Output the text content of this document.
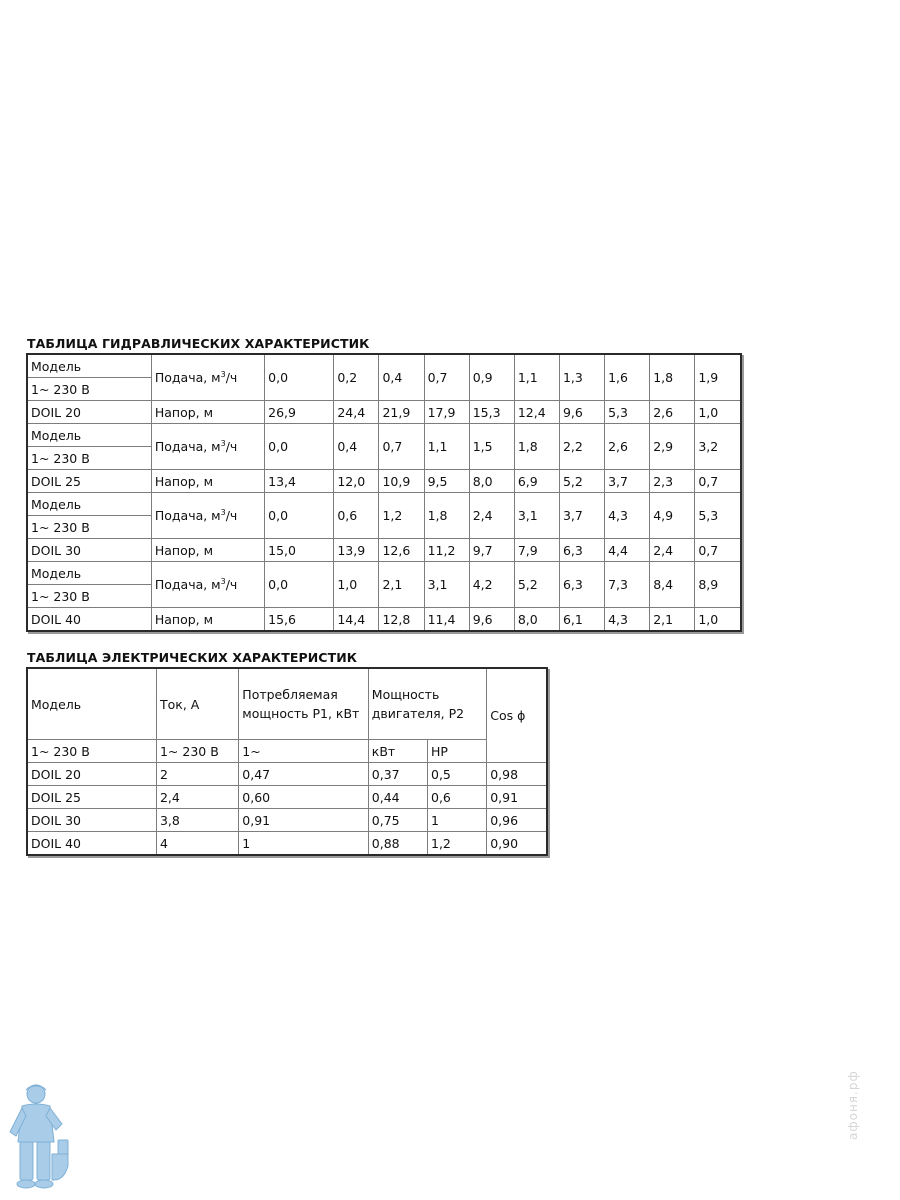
ТАБЛИЦА ГИДРАВЛИЧЕСКИХ ХАРАКТЕРИСТИК
Модель	Подача, $м^3/ч$	0,0	0,2	0,4	0,7	0,9	1,1	1,3	1,6	1,8	1,9
1~ 230 В											
DOIL 20	Напор, м	26,9	24,4	21,9	17,9	15,3	12,4	9,6	5,3	2,6	1,0
Модель	Подача, $м^3/ч$	0,0	0,4	0,7	1,1	1,5	1,8	2,2	2,6	2,9	3,2
1~ 230 В											
DOIL 25	Напор, м	13,4	12,0	10,9	9,5	8,0	6,9	5,2	3,7	2,3	0,7
Модель	Подача, $м^3/ч$	0,0	0,6	1,2	1,8	2,4	3,1	3,7	4,3	4,9	5,3
1~ 230 В											
DOIL 30	Напор, м	15,0	13,9	12,6	11,2	9,7	7,9	6,3	4,4	2,4	0,7
Модель	Подача, $м^3/ч$	0,0	1,0	2,1	3,1	4,2	5,2	6,3	7,3	8,4	8,9
1~ 230 В											
DOIL 40	Напор, м	15,6	14,4	12,8	11,4	9,6	8,0	6,1	4,3	2,1	1,0
ТАБЛИЦА ЭЛЕКТРИЧЕСКИХ ХАРАКТЕРИСТИК
Модель	Ток, А	Потребляемая мощность Р1, кВт	Мощность двигателя, Р2		Cos ϕ
1~ 230 В	1~ 230 В	1~	кВт	HP	
DOIL 20	2	0,47	0,37	0,5	0,98
DOIL 25	2,4	0,60	0,44	0,6	0,91
DOIL 30	3,8	0,91	0,75	1	0,96
DOIL 40	4	1	0,88	1,2	0,90
афоня.рф
